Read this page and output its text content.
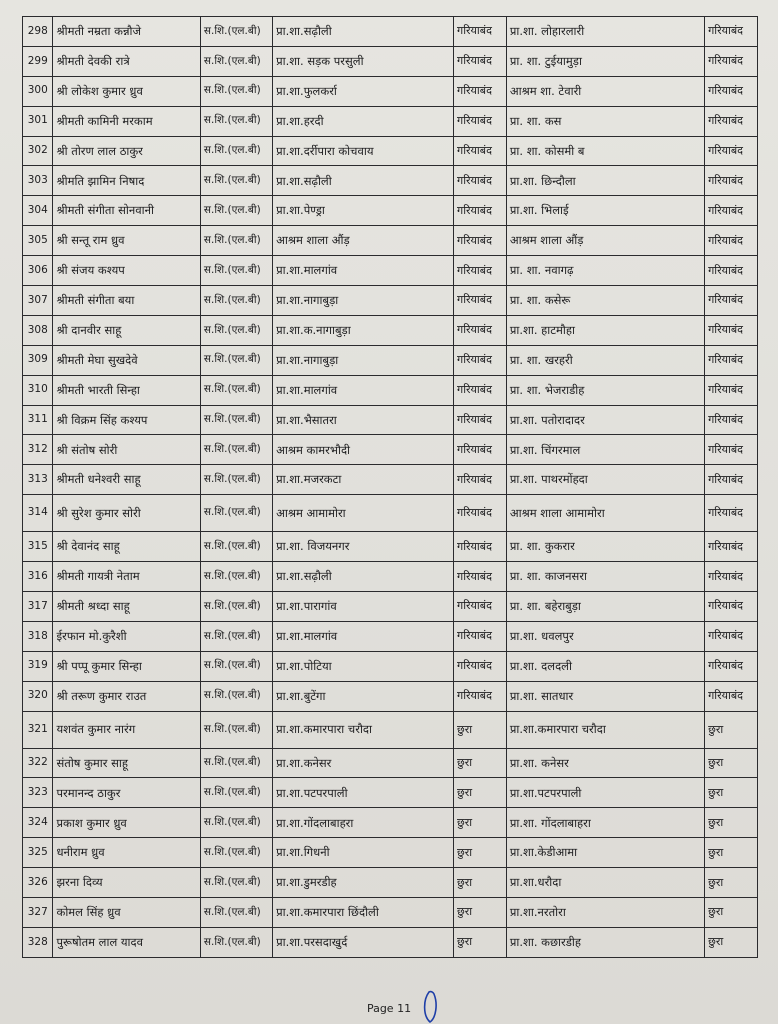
298	श्रीमती नम्रता कन्नौजे	स.शि.(एल.बी)	प्रा.शा.सढ़ौली	गरियाबंद	प्रा.शा. लोहारलारी	गरियाबंद
299	श्रीमती देवकी रात्रे	स.शि.(एल.बी)	प्रा.शा. सड़क परसुली	गरियाबंद	प्रा. शा. टुईयामुड़ा	गरियाबंद
300	श्री लोकेश कुमार ध्रुव	स.शि.(एल.बी)	प्रा.शा.फुलकर्रा	गरियाबंद	आश्रम शा. टेवारी	गरियाबंद
301	श्रीमती कामिनी मरकाम	स.शि.(एल.बी)	प्रा.शा.हरदी	गरियाबंद	प्रा. शा. कस	गरियाबंद
302	श्री तोरण लाल ठाकुर	स.शि.(एल.बी)	प्रा.शा.दर्रीपारा कोचवाय	गरियाबंद	प्रा. शा. कोसमी ब	गरियाबंद
303	श्रीमति झामिन निषाद	स.शि.(एल.बी)	प्रा.शा.सढ़ौली	गरियाबंद	प्रा.शा. छिन्दौला	गरियाबंद
304	श्रीमती संगीता सोनवानी	स.शि.(एल.बी)	प्रा.शा.पेण्ड्रा	गरियाबंद	प्रा.शा. भिलाई	गरियाबंद
305	श्री सन्तू राम ध्रुव	स.शि.(एल.बी)	आश्रम शाला औंड़	गरियाबंद	आश्रम शाला औंड़	गरियाबंद
306	श्री संजय कश्यप	स.शि.(एल.बी)	प्रा.शा.मालगांव	गरियाबंद	प्रा. शा. नवागढ़	गरियाबंद
307	श्रीमती संगीता बया	स.शि.(एल.बी)	प्रा.शा.नागाबुड़ा	गरियाबंद	प्रा. शा. कसेरू	गरियाबंद
308	श्री दानवीर साहू	स.शि.(एल.बी)	प्रा.शा.क.नागाबुड़ा	गरियाबंद	प्रा.शा. हाटमौहा	गरियाबंद
309	श्रीमती मेघा सुखदेवे	स.शि.(एल.बी)	प्रा.शा.नागाबुड़ा	गरियाबंद	प्रा. शा. खरहरी	गरियाबंद
310	श्रीमती भारती सिन्हा	स.शि.(एल.बी)	प्रा.शा.मालगांव	गरियाबंद	प्रा. शा. भेजराडीह	गरियाबंद
311	श्री विक्रम सिंह कश्यप	स.शि.(एल.बी)	प्रा.शा.भैसातरा	गरियाबंद	प्रा.शा. पतोरादादर	गरियाबंद
312	श्री संतोष सोरी	स.शि.(एल.बी)	आश्रम कामरभौदी	गरियाबंद	प्रा.शा. चिंगरमाल	गरियाबंद
313	श्रीमती धनेश्वरी साहू	स.शि.(एल.बी)	प्रा.शा.मजरकटा	गरियाबंद	प्रा.शा. पाथरमोंहदा	गरियाबंद
314	श्री सुरेश कुमार सोरी	स.शि.(एल.बी)	आश्रम आमामोरा	गरियाबंद	आश्रम शाला आमामोरा	गरियाबंद
315	श्री देवानंद साहू	स.शि.(एल.बी)	प्रा.शा. विजयनगर	गरियाबंद	प्रा. शा. कुकरार	गरियाबंद
316	श्रीमती गायत्री नेताम	स.शि.(एल.बी)	प्रा.शा.सढ़ौली	गरियाबंद	प्रा. शा. काजनसरा	गरियाबंद
317	श्रीमती श्रध्दा साहू	स.शि.(एल.बी)	प्रा.शा.पारागांव	गरियाबंद	प्रा. शा. बहेराबुड़ा	गरियाबंद
318	ईरफान मो.कुरैशी	स.शि.(एल.बी)	प्रा.शा.मालगांव	गरियाबंद	प्रा.शा. धवलपुर	गरियाबंद
319	श्री पप्पू कुमार सिन्हा	स.शि.(एल.बी)	प्रा.शा.पोटिया	गरियाबंद	प्रा.शा. दलदली	गरियाबंद
320	श्री तरूण कुमार राउत	स.शि.(एल.बी)	प्रा.शा.बुटेंगा	गरियाबंद	प्रा.शा. सातधार	गरियाबंद
321	यशवंत कुमार नारंग	स.शि.(एल.बी)	प्रा.शा.कमारपारा चरौदा	छुरा	प्रा.शा.कमारपारा चरौदा	छुरा
322	संतोष कुमार साहू	स.शि.(एल.बी)	प्रा.शा.कनेसर	छुरा	प्रा.शा. कनेसर	छुरा
323	परमानन्द ठाकुर	स.शि.(एल.बी)	प्रा.शा.पटपरपाली	छुरा	प्रा.शा.पटपरपाली	छुरा
324	प्रकाश कुमार ध्रुव	स.शि.(एल.बी)	प्रा.शा.गोंदलाबाहरा	छुरा	प्रा.शा. गोंदलाबाहरा	छुरा
325	धनीराम ध्रुव	स.शि.(एल.बी)	प्रा.शा.गिधनी	छुरा	प्रा.शा.केडीआमा	छुरा
326	झरना दिव्य	स.शि.(एल.बी)	प्रा.शा.डुमरडीह	छुरा	प्रा.शा.धरौदा	छुरा
327	कोमल सिंह ध्रुव	स.शि.(एल.बी)	प्रा.शा.कमारपारा छिंदौली	छुरा	प्रा.शा.नरतोरा	छुरा
328	पुरूषोतम लाल यादव	स.शि.(एल.बी)	प्रा.शा.परसदाखुर्द	छुरा	प्रा.शा. कछारडीह	छुरा
Page 11
